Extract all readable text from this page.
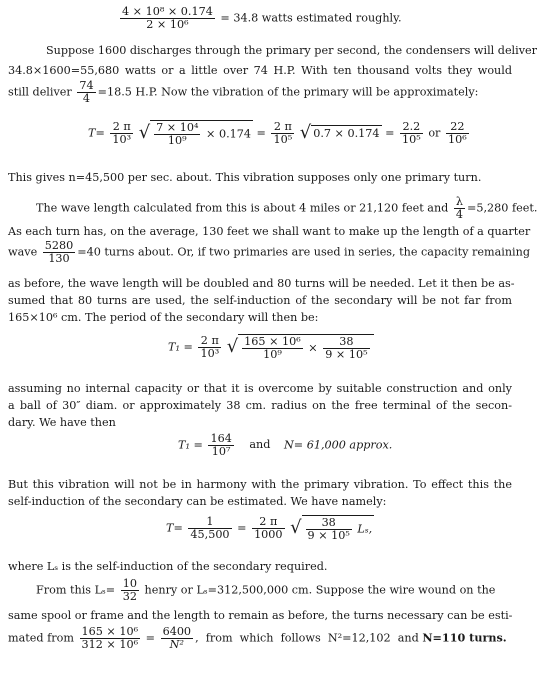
$\frac{\text{4 × 10⁸ × 0.174}}{\text{2 × 10⁶}} = 34.8$ watts estimated roughly.
Suppose 1600 discharges through the primary per second, the condensers will deliver
34.8×1600=55,680 watts or a little over 74 H.P. With ten thousand volts they would
still deliver $\frac{74}{4} =18.5$ H.P. Now the vibration of the primary will be approximately:
$T= \frac{2 \pi}{\text{10³}}$ √ $\frac{\text{7 × 10⁴}}{\text{10⁹}} \times 0.174 = \frac{2 \pi}{\text{10⁵}}$ √ $0.7 \times 0.174 = \frac{2.2}{\text{10⁵}}$ or $\frac{22}{\text{10⁶}}$
This gives n=45,500 per sec. about. This vibration supposes only one primary turn.
The wave length calculated from this is about 4 miles or 21,120 feet and $\frac{\lambda}{4} =5,280$ feet.
As each turn has, on the average, 130 feet we shall want to make up the length of a quarter
wave $\frac{5280}{130} =40$ turns about. Or, if two primaries are used in series, the capacity remaining
as before, the wave length will be doubled and 80 turns will be needed. Let it then be as-
sumed that 80 turns are used, the self-induction of the secondary will be not far from
165×10⁶ cm. The period of the secondary will then be:
$T_1 = \frac{2 \pi}{\text{10³}}$ √ $\frac{\text{165 × 10⁶}}{\text{10⁹}} \times \frac{38}{\text{9 × 10⁵}}$
assuming no internal capacity or that it is overcome by suitable construction and only
a ball of 30″ diam. or approximately 38 cm. radius on the free terminal of the secon-
dary. We have then
$T_1 = \frac{164}{\text{10⁷}}$ and N= 61,000 approx.
But this vibration will not be in harmony with the primary vibration. To effect this the
self-induction of the secondary can be estimated. We have namely:
$T= \frac{1}{45,500} = \frac{2 \pi}{1000}$ √ $\frac{38}{\text{9 × 10⁵}} L_s$,
where Lₛ is the self-induction of the secondary required.
From this $L_s= \frac{10}{32}$ henry or Lₛ=312,500,000 cm. Suppose the wire wound on the
same spool or frame and the length to remain as before, the turns necessary can be esti-
mated from $\frac{\text{165 × 10⁶}}{\text{312 × 10⁶}} = \frac{6400}{\text{N²}}$ ,  from  which  follows  N²=12,102  and N=110 turns.
